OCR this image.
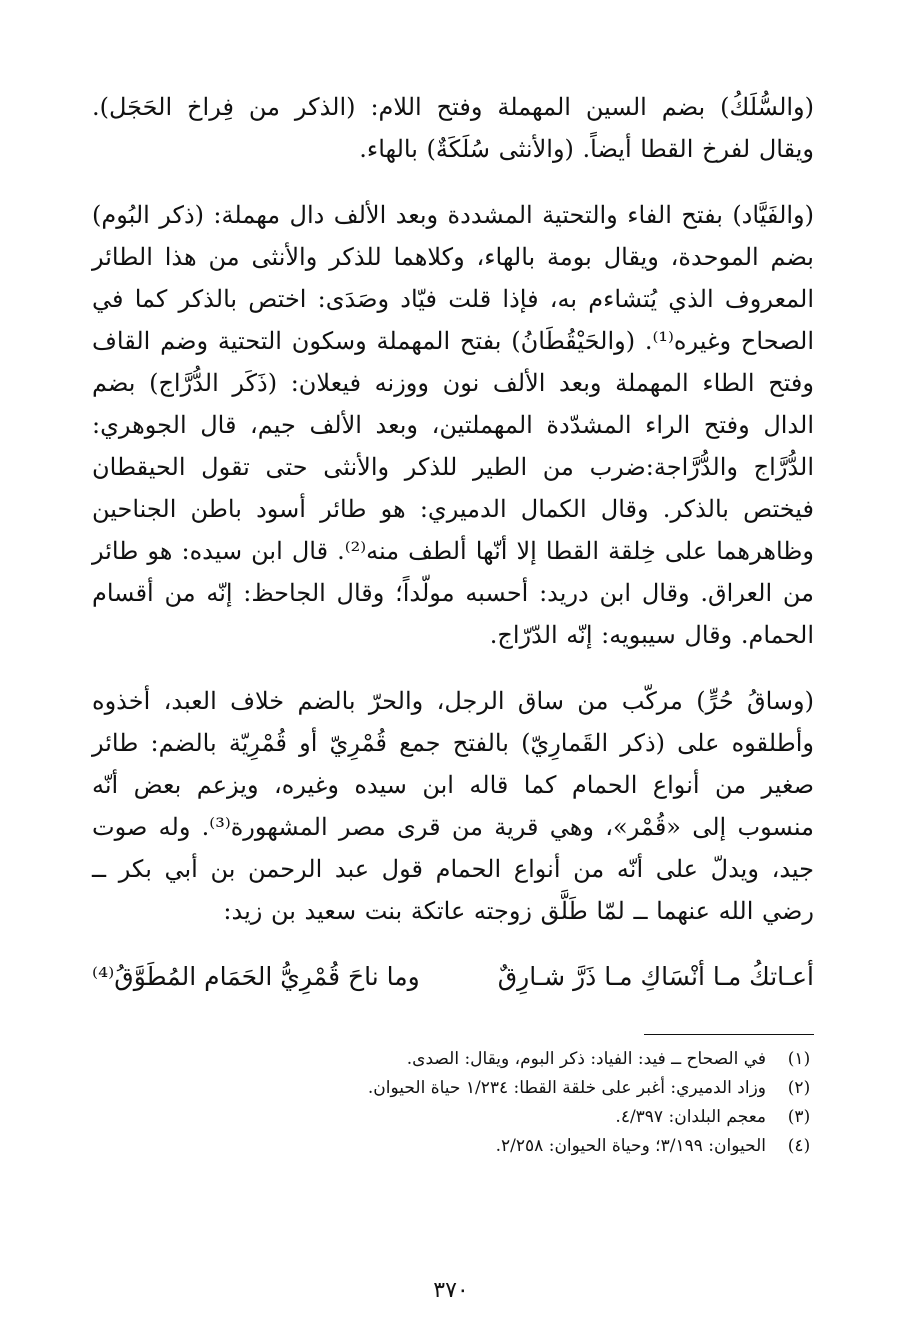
(والسُّلَكُ) بضم السين المهملة وفتح اللام: (الذكر من فِراخ الحَجَل). ويقال لفرخ القطا أيضاً. (والأنثى سُلَكَةٌ) بالهاء.

(والفَيَّاد) بفتح الفاء والتحتية المشددة وبعد الألف دال مهملة: (ذكر البُوم) بضم الموحدة، ويقال بومة بالهاء، وكلاهما للذكر والأنثى من هذا الطائر المعروف الذي يُتشاءم به، فإذا قلت فيّاد وصَدَى: اختص بالذكر كما في الصحاح وغيره⁽¹⁾. (والحَيْقُطَانُ) بفتح المهملة وسكون التحتية وضم القاف وفتح الطاء المهملة وبعد الألف نون ووزنه فيعلان: (ذَكَر الدُّرَّاج) بضم الدال وفتح الراء المشدّدة المهملتين، وبعد الألف جيم، قال الجوهري: الدُّرَّاج والدُّرَّاجة:ضرب من الطير للذكر والأنثى حتى تقول الحيقطان فيختص بالذكر. وقال الكمال الدميري: هو طائر أسود باطن الجناحين وظاهرهما على خِلقة القطا إلا أنّها ألطف منه⁽²⁾. قال ابن سيده: هو طائر من العراق. وقال ابن دريد: أحسبه مولّداً؛ وقال الجاحظ: إنّه من أقسام الحمام. وقال سيبويه: إنّه الدّرّاج.

(وساقُ حُرٍّ) مركّب من ساق الرجل، والحرّ بالضم خلاف العبد، أخذوه وأطلقوه على (ذكر القَمارِيّ) بالفتح جمع قُمْرِيّ أو قُمْرِيّة بالضم: طائر صغير من أنواع الحمام كما قاله ابن سيده وغيره، ويزعم بعض أنّه منسوب إلى «قُمْر»، وهي قرية من قرى مصر المشهورة⁽³⁾. وله صوت جيد، ويدلّ على أنّه من أنواع الحمام قول عبد الرحمن بن أبي بكر ــ رضي الله عنهما ــ لمّا طَلَّق زوجته عاتكة بنت سعيد بن زيد:

أعـاتكُ مـا أنْسَاكِ مـا ذَرَّ شـارِقٌ
وما ناحَ قُمْرِيُّ الحَمَام المُطَوَّقُ⁽⁴⁾

(١)
في الصحاح ــ فيد: الفياد: ذكر البوم، ويقال: الصدى.

(٢)
وزاد الدميري: أغبر على خلقة القطا: ١/٢٣٤ حياة الحيوان.

(٣)
معجم البلدان: ٤/٣٩٧.

(٤)
الحيوان: ٣/١٩٩؛ وحياة الحيوان: ٢/٢٥٨.

٣٧٠
